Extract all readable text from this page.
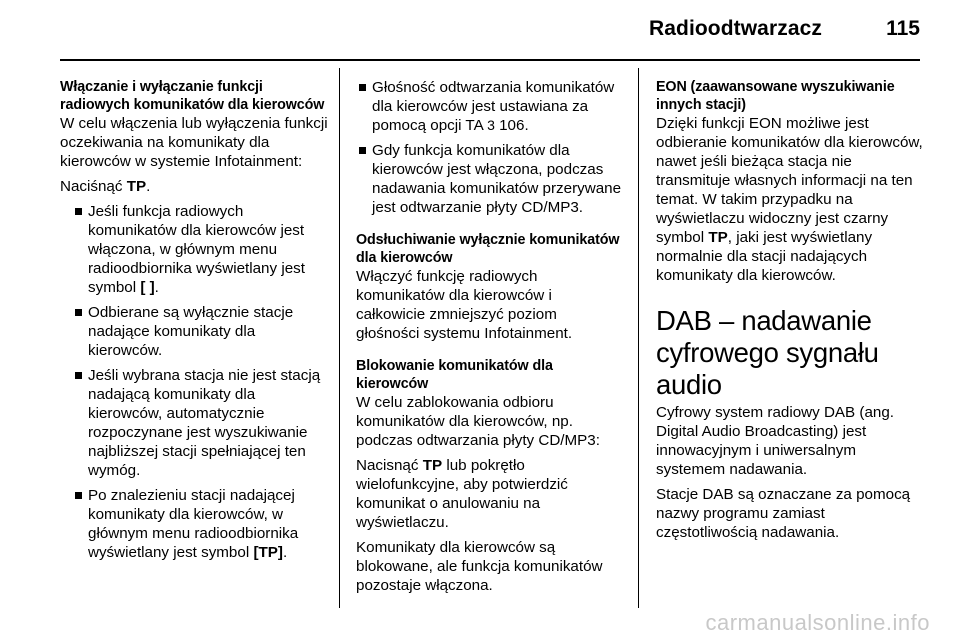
Radioodtwarzacz	115
Włączanie i wyłączanie funkcji radiowych komunikatów dla kierowców

W celu włączenia lub wyłączenia funkcji oczekiwania na komunikaty dla kierowców w systemie Infotainment:

Naciśnąć TP.

Jeśli funkcja radiowych komunikatów dla kierowców jest włączona, w głównym menu radioodbiornika wyświetlany jest symbol [ ].
Odbierane są wyłącznie stacje nadające komunikaty dla kierowców.
Jeśli wybrana stacja nie jest stacją nadającą komunikaty dla kierowców, automatycznie rozpoczynane jest wyszukiwanie najbliższej stacji spełniającej ten wymóg.
Po znalezieniu stacji nadającej komunikaty dla kierowców, w głównym menu radioodbiornika wyświetlany jest symbol [TP].
Głośność odtwarzania komunikatów dla kierowców jest ustawiana za pomocą opcji TA 3 106.
Gdy funkcja komunikatów dla kierowców jest włączona, podczas nadawania komunikatów przerywane jest odtwarzanie płyty CD/MP3.
Odsłuchiwanie wyłącznie komunikatów dla kierowców

Włączyć funkcję radiowych komunikatów dla kierowców i całkowicie zmniejszyć poziom głośności systemu Infotainment.

Blokowanie komunikatów dla kierowców

W celu zablokowania odbioru komunikatów dla kierowców, np. podczas odtwarzania płyty CD/MP3:

Nacisnąć TP lub pokrętło wielofunkcyjne, aby potwierdzić komunikat o anulowaniu na wyświetlaczu.

Komunikaty dla kierowców są blokowane, ale funkcja komunikatów pozostaje włączona.

EON (zaawansowane wyszukiwanie innych stacji)

Dzięki funkcji EON możliwe jest odbieranie komunikatów dla kierowców, nawet jeśli bieżąca stacja nie transmituje własnych informacji na ten temat. W takim przypadku na wyświetlaczu widoczny jest czarny symbol TP, jaki jest wyświetlany normalnie dla stacji nadających komunikaty dla kierowców.

DAB – nadawanie cyfrowego sygnału audio

Cyfrowy system radiowy DAB (ang. Digital Audio Broadcasting) jest innowacyjnym i uniwersalnym systemem nadawania.

Stacje DAB są oznaczane za pomocą nazwy programu zamiast częstotliwością nadawania.

carmanualsonline.info
